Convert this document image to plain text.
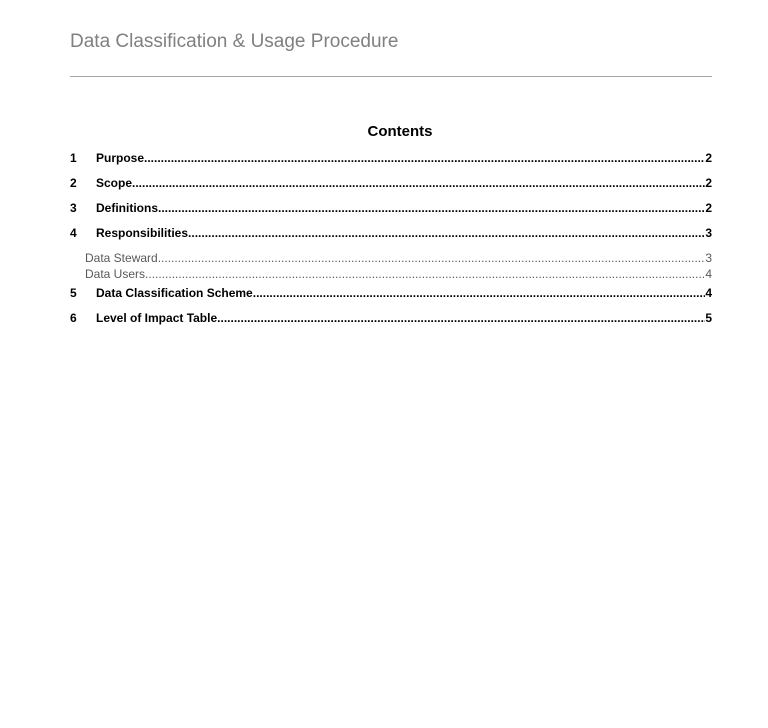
Data Classification & Usage Procedure
Contents
1	Purpose .....	2
2	Scope .....	2
3	Definitions .....	2
4	Responsibilities .....	3
Data Steward .....	3
Data Users .....	4
5	Data Classification Scheme .....	4
6	Level of Impact Table .....	5
